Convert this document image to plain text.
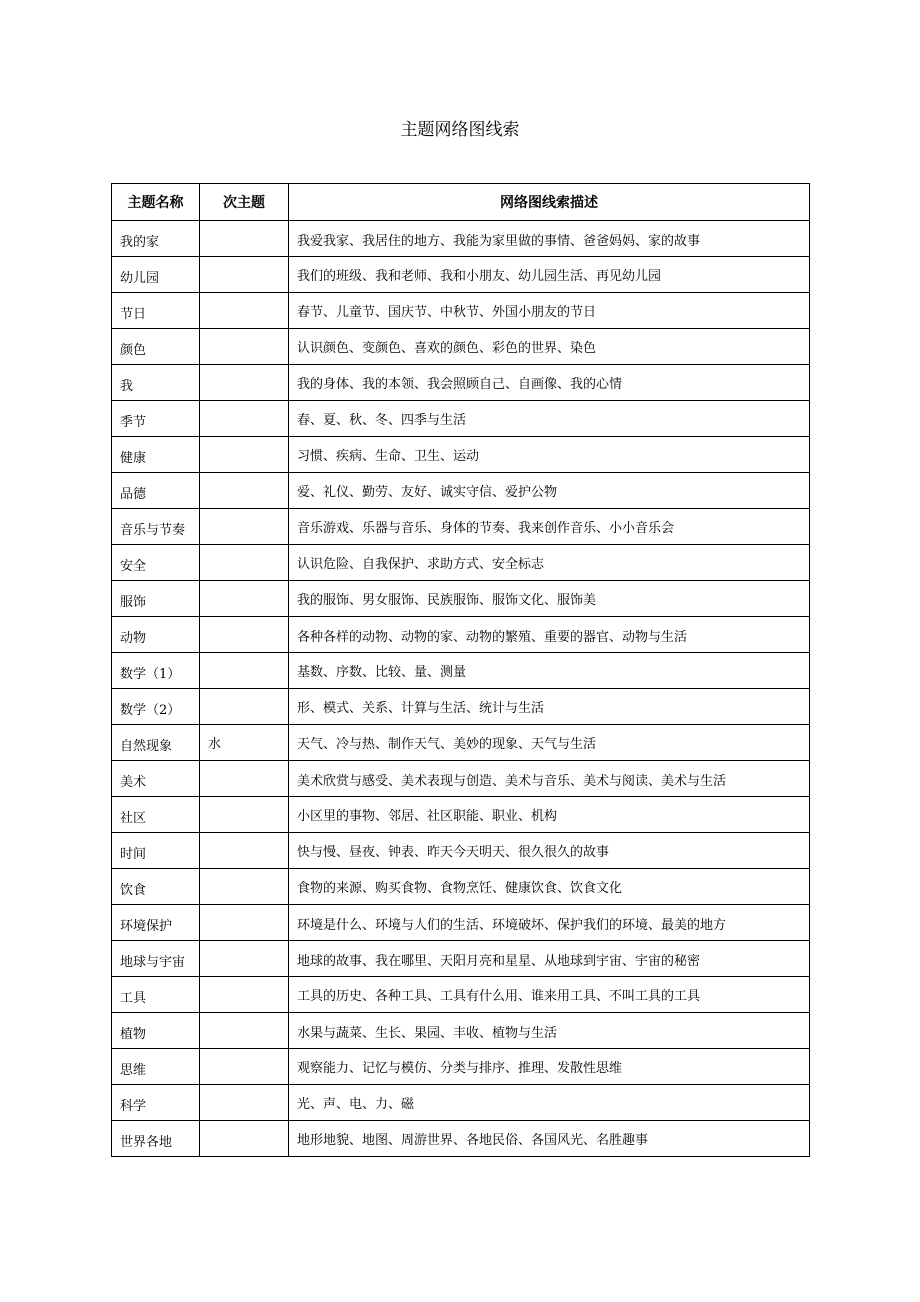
主题网络图线索
主题名称	次主题	网络图线索描述
我的家		我爱我家、我居住的地方、我能为家里做的事情、爸爸妈妈、家的故事
幼儿园		我们的班级、我和老师、我和小朋友、幼儿园生活、再见幼儿园
节日		春节、儿童节、国庆节、中秋节、外国小朋友的节日
颜色		认识颜色、变颜色、喜欢的颜色、彩色的世界、染色
我		我的身体、我的本领、我会照顾自己、自画像、我的心情
季节		春、夏、秋、冬、四季与生活
健康		习惯、疾病、生命、卫生、运动
品德		爱、礼仪、勤劳、友好、诚实守信、爱护公物
音乐与节奏		音乐游戏、乐器与音乐、身体的节奏、我来创作音乐、小小音乐会
安全		认识危险、自我保护、求助方式、安全标志
服饰		我的服饰、男女服饰、民族服饰、服饰文化、服饰美
动物		各种各样的动物、动物的家、动物的繁殖、重要的器官、动物与生活
数学（1）		基数、序数、比较、量、测量
数学（2）		形、模式、关系、计算与生活、统计与生活
自然现象	水	天气、冷与热、制作天气、美妙的现象、天气与生活
美术		美术欣赏与感受、美术表现与创造、美术与音乐、美术与阅读、美术与生活
社区		小区里的事物、邻居、社区职能、职业、机构
时间		快与慢、昼夜、钟表、昨天今天明天、很久很久的故事
饮食		食物的来源、购买食物、食物烹饪、健康饮食、饮食文化
环境保护		环境是什么、环境与人们的生活、环境破坏、保护我们的环境、最美的地方
地球与宇宙		地球的故事、我在哪里、天阳月亮和星星、从地球到宇宙、宇宙的秘密
工具		工具的历史、各种工具、工具有什么用、谁来用工具、不叫工具的工具
植物		水果与蔬菜、生长、果园、丰收、植物与生活
思维		观察能力、记忆与模仿、分类与排序、推理、发散性思维
科学		光、声、电、力、磁
世界各地		地形地貌、地图、周游世界、各地民俗、各国风光、名胜趣事
